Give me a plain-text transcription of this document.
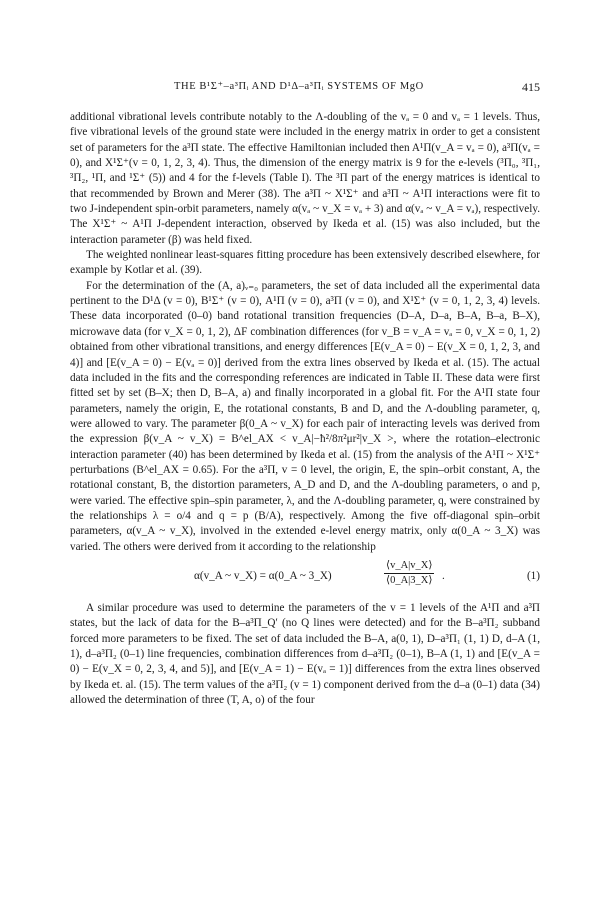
THE B¹Σ⁺–a³Πᵢ AND D¹Δ–a³Πᵢ SYSTEMS OF MgO	415

additional vibrational levels contribute notably to the Λ-doubling of the vₐ = 0 and vₐ = 1 levels. Thus, five vibrational levels of the ground state were included in the energy matrix in order to get a consistent set of parameters for the a³Π state. The effective Hamiltonian included then A¹Π(v_A = vₐ = 0), a³Π(vₐ = 0), and X¹Σ⁺(v = 0, 1, 2, 3, 4). Thus, the dimension of the energy matrix is 9 for the e-levels (³Π₀, ³Π₁, ³Π₂, ¹Π, and ¹Σ⁺ (5)) and 4 for the f-levels (Table I). The ³Π part of the energy matrices is identical to that recommended by Brown and Merer (38). The a³Π ~ X¹Σ⁺ and a³Π ~ A¹Π interactions were fit to two J-independent spin-orbit parameters, namely α(vₐ ~ v_X = vₐ + 3) and α(vₐ ~ v_A = vₐ), respectively. The X¹Σ⁺ ~ A¹Π J-dependent interaction, observed by Ikeda et al. (15) was also included, but the interaction parameter (β) was held fixed.

The weighted nonlinear least-squares fitting procedure has been extensively described elsewhere, for example by Kotlar et al. (39).

For the determination of the (A, a)ᵥ₌₀ parameters, the set of data included all the experimental data pertinent to the D¹Δ (v = 0), B¹Σ⁺ (v = 0), A¹Π (v = 0), a³Π (v = 0), and X¹Σ⁺ (v = 0, 1, 2, 3, 4) levels. These data incorporated (0–0) band rotational transition frequencies (D–A, D–a, B–A, B–a, B–X), microwave data (for v_X = 0, 1, 2), ΔF combination differences (for v_B = v_A = vₐ = 0, v_X = 0, 1, 2) obtained from other vibrational transitions, and energy differences [E(v_A = 0) − E(v_X = 0, 1, 2, 3, and 4)] and [E(v_A = 0) − E(vₐ = 0)] derived from the extra lines observed by Ikeda et al. (15). The actual data included in the fits and the corresponding references are indicated in Table II. These data were first fitted set by set (B–X; then D, B–A, a) and finally incorporated in a global fit. For the A¹Π state four parameters, namely the origin, E, the rotational constants, B and D, and the Λ-doubling parameter, q, were allowed to vary. The parameter β(0_A ~ v_X) for each pair of interacting levels was derived from the expression β(v_A ~ v_X) = B^el_AX < v_A|−ħ²/8π²μr²|v_X >, where the rotation–electronic interaction parameter (40) has been determined by Ikeda et al. (15) from the analysis of the A¹Π ~ X¹Σ⁺ perturbations (B^el_AX = 0.65). For the a³Π, v = 0 level, the origin, E, the spin–orbit constant, A, the rotational constant, B, the distortion parameters, A_D and D, and the Λ-doubling parameters, o and p, were varied. The effective spin–spin parameter, λ, and the Λ-doubling parameter, q, were constrained by the relationships λ = o/4 and q = p (B/A), respectively. Among the five off-diagonal spin–orbit parameters, α(v_A ~ v_X), involved in the extended e-level energy matrix, only α(0_A ~ 3_X) was varied. The others were derived from it according to the relationship

α(v_A ~ v_X) = α(0_A ~ 3_X)	$\frac{⟨v\_A|v\_X⟩}{⟨0\_A|3\_X⟩}$ .	(1)

A similar procedure was used to determine the parameters of the v = 1 levels of the A¹Π and a³Π states, but the lack of data for the B–a³Π_Q′ (no Q lines were detected) and for the B–a³Π₂ subband forced more parameters to be fixed. The set of data included the B–A, a(0, 1), D–a³Π₁ (1, 1) D, d–A (1, 1), d–a³Π₂ (0–1) line frequencies, combination differences from d–a³Π₂ (0–1), B–A (1, 1) and [E(v_A = 0) − E(v_X = 0, 2, 3, 4, and 5)], and [E(v_A = 1) − E(vₐ = 1)] differences from the extra lines observed by Ikeda et. al. (15). The term values of the a³Π₂ (v = 1) component derived from the d–a (0–1) data (34) allowed the determination of three (T, A, o) of the four
